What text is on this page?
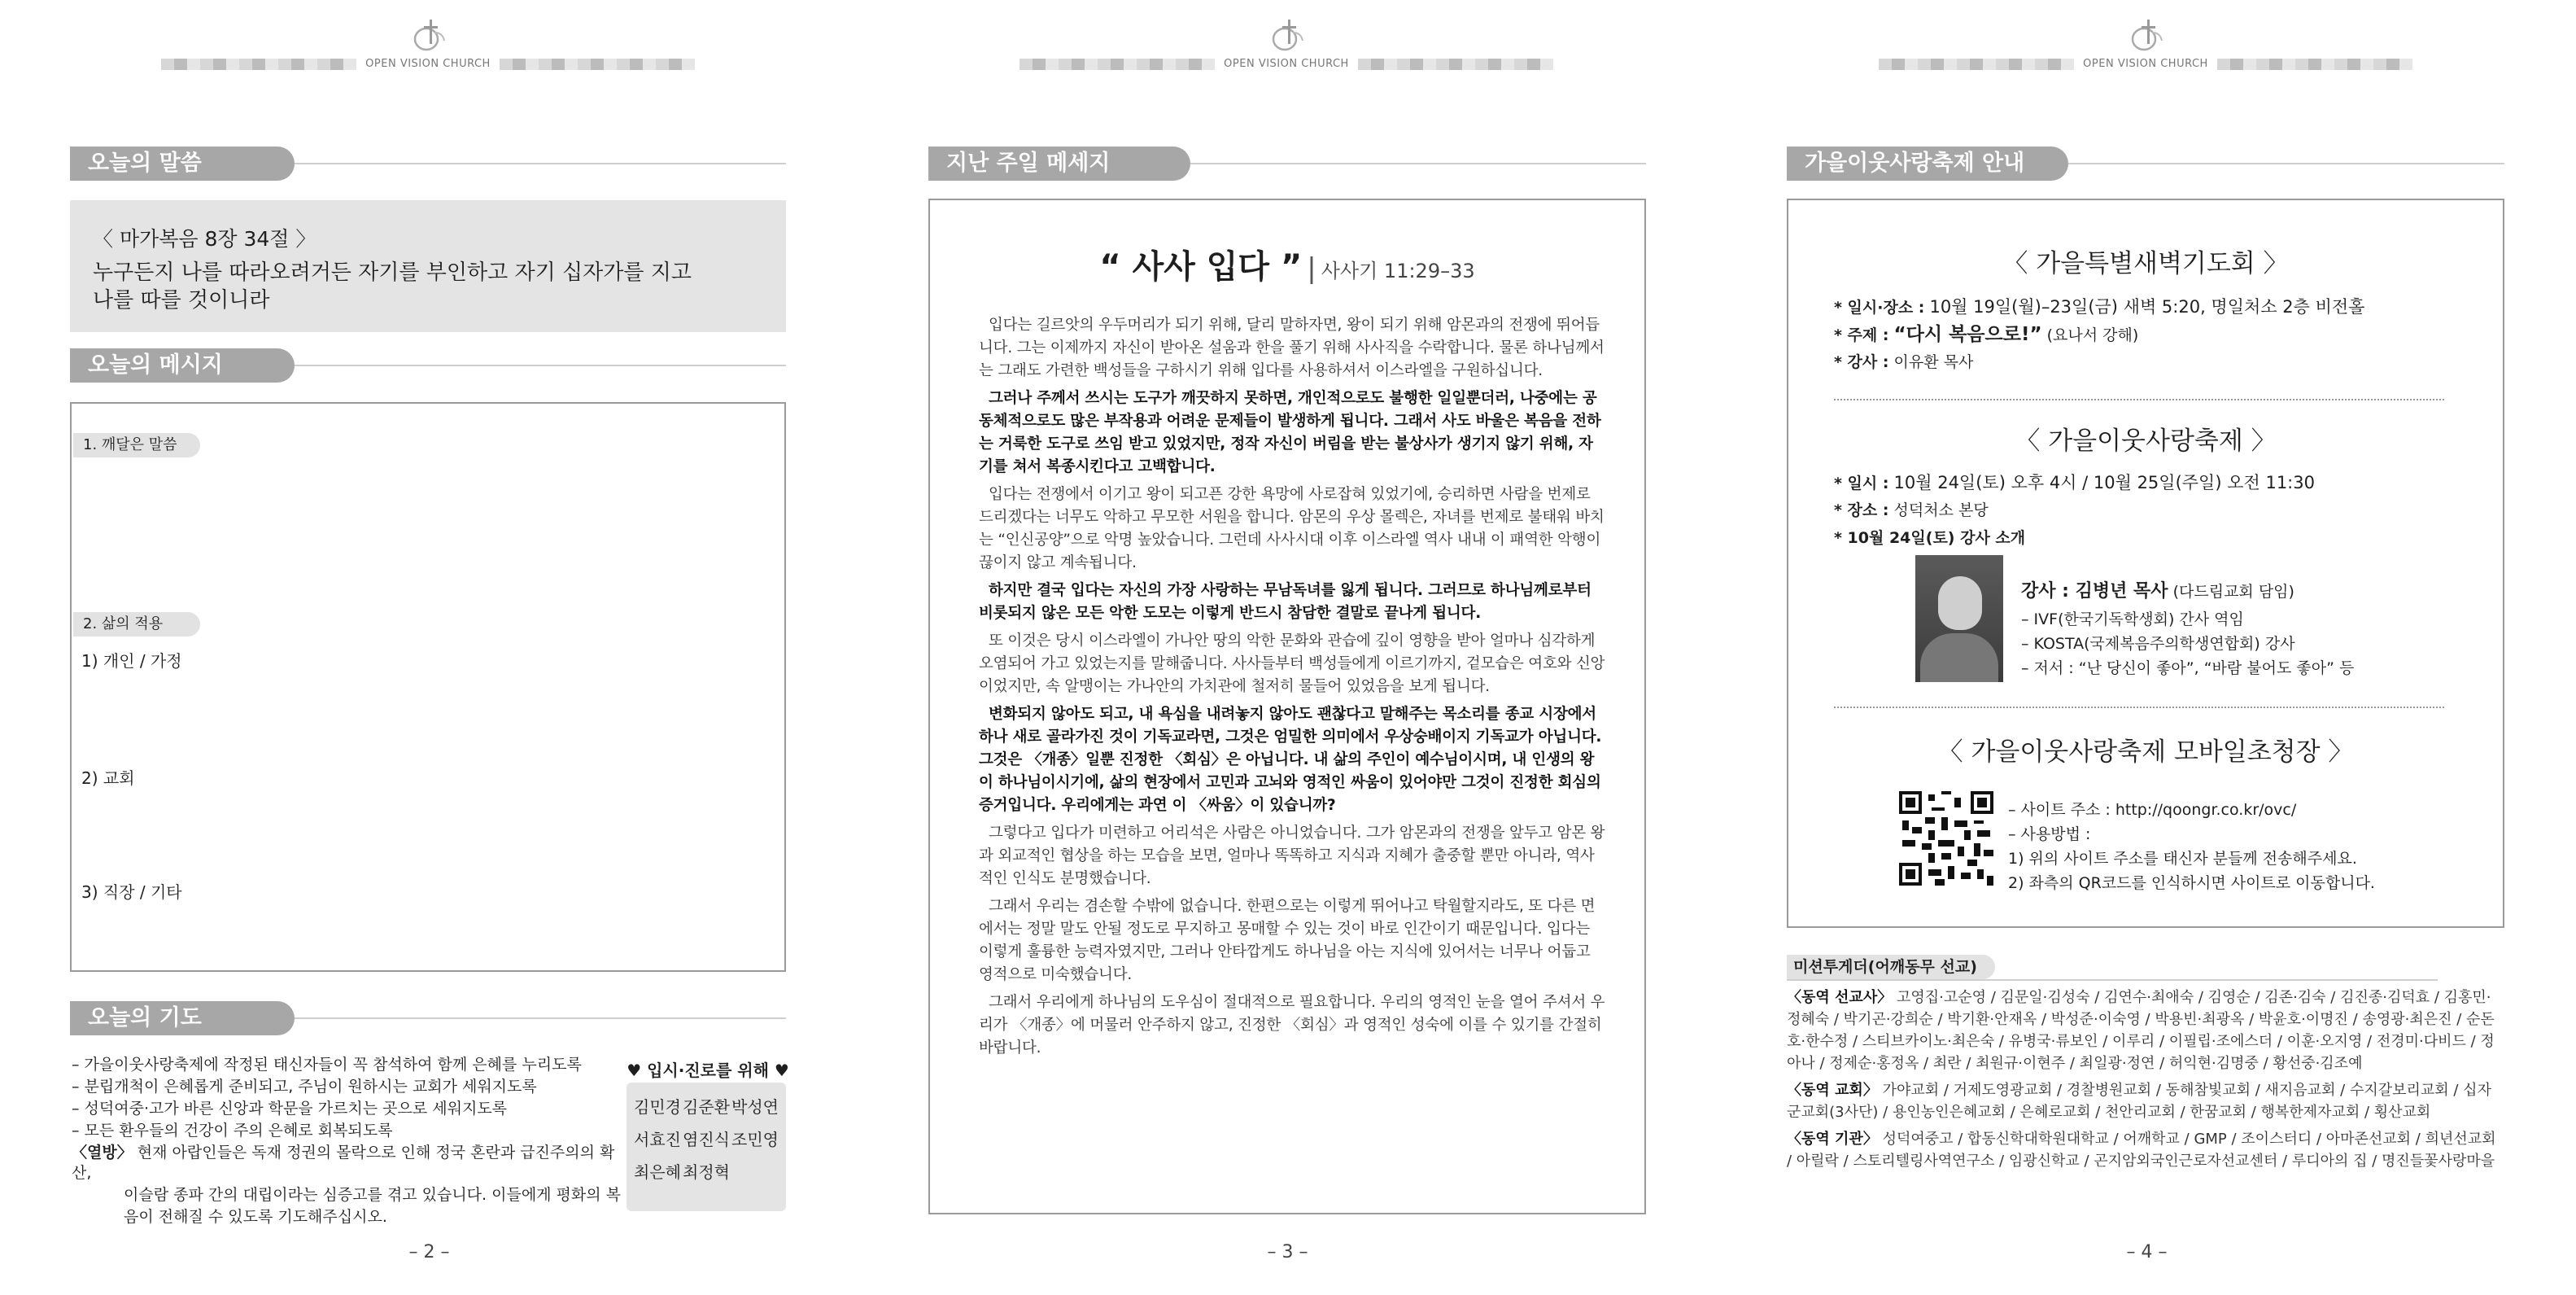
OPEN VISION CHURCH
오늘의 말씀
〈 마가복음 8장 34절 〉
누구든지 나를 따라오려거든 자기를 부인하고 자기 십자가를 지고
나를 따를 것이니라
오늘의 메시지
1. 깨달은 말씀
2. 삶의 적용
1) 개인 / 가정
2) 교회
3) 직장 / 기타
오늘의 기도
– 가을이웃사랑축제에 작정된 태신자들이 꼭 참석하여 함께 은혜를 누리도록
– 분립개척이 은혜롭게 준비되고, 주님이 원하시는 교회가 세워지도록
– 성덕여중·고가 바른 신앙과 학문을 가르치는 곳으로 세워지도록
– 모든 환우들의 건강이 주의 은혜로 회복되도록
〈열방〉 현재 아랍인들은 독재 정권의 몰락으로 인해 정국 혼란과 급진주의의 확산,
이슬람 종파 간의 대립이라는 심증고를 겪고 있습니다. 이들에게 평화의 복
음이 전해질 수 있도록 기도해주십시오.
♥ 입시·진로를 위해 ♥
김민경 김준환 박성연
서효진 염진식 조민영
최은혜 최정혁
– 2 –
OPEN VISION CHURCH
지난 주일 메세지
“ 사사 입다 ” | 사사기 11:29–33

입다는 길르앗의 우두머리가 되기 위해, 달리 말하자면, 왕이 되기 위해 암몬과의 전쟁에 뛰어듭니다. 그는 이제까지 자신이 받아온 설움과 한을 풀기 위해 사사직을 수락합니다. 물론 하나님께서는 그래도 가련한 백성들을 구하시기 위해 입다를 사용하셔서 이스라엘을 구원하십니다.

그러나 주께서 쓰시는 도구가 깨끗하지 못하면, 개인적으로도 불행한 일일뿐더러, 나중에는 공동체적으로도 많은 부작용과 어려운 문제들이 발생하게 됩니다. 그래서 사도 바울은 복음을 전하는 거룩한 도구로 쓰임 받고 있었지만, 정작 자신이 버림을 받는 불상사가 생기지 않기 위해, 자기를 쳐서 복종시킨다고 고백합니다.

입다는 전쟁에서 이기고 왕이 되고픈 강한 욕망에 사로잡혀 있었기에, 승리하면 사람을 번제로 드리겠다는 너무도 악하고 무모한 서원을 합니다. 암몬의 우상 몰렉은, 자녀를 번제로 불태워 바치는 “인신공양”으로 악명 높았습니다. 그런데 사사시대 이후 이스라엘 역사 내내 이 패역한 악행이 끊이지 않고 계속됩니다.

하지만 결국 입다는 자신의 가장 사랑하는 무남독녀를 잃게 됩니다. 그러므로 하나님께로부터 비롯되지 않은 모든 악한 도모는 이렇게 반드시 참담한 결말로 끝나게 됩니다.

또 이것은 당시 이스라엘이 가나안 땅의 악한 문화와 관습에 깊이 영향을 받아 얼마나 심각하게 오염되어 가고 있었는지를 말해줍니다. 사사들부터 백성들에게 이르기까지, 겉모습은 여호와 신앙이었지만, 속 알맹이는 가나안의 가치관에 철저히 물들어 있었음을 보게 됩니다.

변화되지 않아도 되고, 내 욕심을 내려놓지 않아도 괜찮다고 말해주는 목소리를 종교 시장에서 하나 새로 골라가진 것이 기독교라면, 그것은 엄밀한 의미에서 우상숭배이지 기독교가 아닙니다. 그것은 〈개종〉일뿐 진정한 〈회심〉은 아닙니다. 내 삶의 주인이 예수님이시며, 내 인생의 왕이 하나님이시기에, 삶의 현장에서 고민과 고뇌와 영적인 싸움이 있어야만 그것이 진정한 회심의 증거입니다. 우리에게는 과연 이 〈싸움〉이 있습니까?

그렇다고 입다가 미련하고 어리석은 사람은 아니었습니다. 그가 암몬과의 전쟁을 앞두고 암몬 왕과 외교적인 협상을 하는 모습을 보면, 얼마나 똑똑하고 지식과 지혜가 출중할 뿐만 아니라, 역사적인 인식도 분명했습니다.

그래서 우리는 겸손할 수밖에 없습니다. 한편으로는 이렇게 뛰어나고 탁월할지라도, 또 다른 면에서는 정말 말도 안될 정도로 무지하고 몽매할 수 있는 것이 바로 인간이기 때문입니다. 입다는 이렇게 훌륭한 능력자였지만, 그러나 안타깝게도 하나님을 아는 지식에 있어서는 너무나 어둡고 영적으로 미숙했습니다.

그래서 우리에게 하나님의 도우심이 절대적으로 필요합니다. 우리의 영적인 눈을 열어 주셔서 우리가 〈개종〉에 머물러 안주하지 않고, 진정한 〈회심〉과 영적인 성숙에 이를 수 있기를 간절히 바랍니다.

– 3 –
OPEN VISION CHURCH
가을이웃사랑축제 안내
〈 가을특별새벽기도회 〉
* 일시·장소 : 10월 19일(월)–23일(금) 새벽 5:20, 명일처소 2층 비전홀
* 주제 : “다시 복음으로!” (요나서 강해)
* 강사 : 이유환 목사
〈 가을이웃사랑축제 〉
* 일시 : 10월 24일(토) 오후 4시 / 10월 25일(주일) 오전 11:30
* 장소 : 성덕처소 본당
* 10월 24일(토) 강사 소개
강사 : 김병년 목사 (다드림교회 담임)
– IVF(한국기독학생회) 간사 역임
– KOSTA(국제복음주의학생연합회) 강사
– 저서 : “난 당신이 좋아”, “바람 불어도 좋아” 등
〈 가을이웃사랑축제 모바일초청장 〉
– 사이트 주소 : http://qoongr.co.kr/ovc/
– 사용방법 :
1) 위의 사이트 주소를 태신자 분들께 전송해주세요.
2) 좌측의 QR코드를 인식하시면 사이트로 이동합니다.
– 4 –
미션투게더(어깨동무 선교)

〈동역 선교사〉 고영집·고순영 / 김문일·김성숙 / 김연수·최애숙 / 김영순 / 김존·김숙 / 김진종·김덕효 / 김홍민·정혜숙 / 박기곤·강희순 / 박기환·안재옥 / 박성준·이숙영 / 박용빈·최광옥 / 박윤호·이명진 / 송영광·최은진 / 순돈호·한수정 / 스티브카이노·최은숙 / 유병국·류보인 / 이루리 / 이필립·조에스더 / 이훈·오지영 / 전경미·다비드 / 정아나 / 정제순·홍정옥 / 최란 / 최원규·이현주 / 최일광·정연 / 허익현·김명중 / 황선중·김조예

〈동역 교회〉 가야교회 / 거제도영광교회 / 경찰병원교회 / 동해참빛교회 / 새지음교회 / 수지갈보리교회 / 십자군교회(3사단) / 용인농인은혜교회 / 은혜로교회 / 천안리교회 / 한꿈교회 / 행복한제자교회 / 횡산교회

〈동역 기관〉 성덕여중고 / 합동신학대학원대학교 / 어깨학교 / GMP / 조이스터디 / 아마존선교회 / 희년선교회 / 아릴락 / 스토리텔링사역연구소 / 임광신학교 / 곤지암외국인근로자선교센터 / 루디아의 집 / 명진들꽃사랑마을
